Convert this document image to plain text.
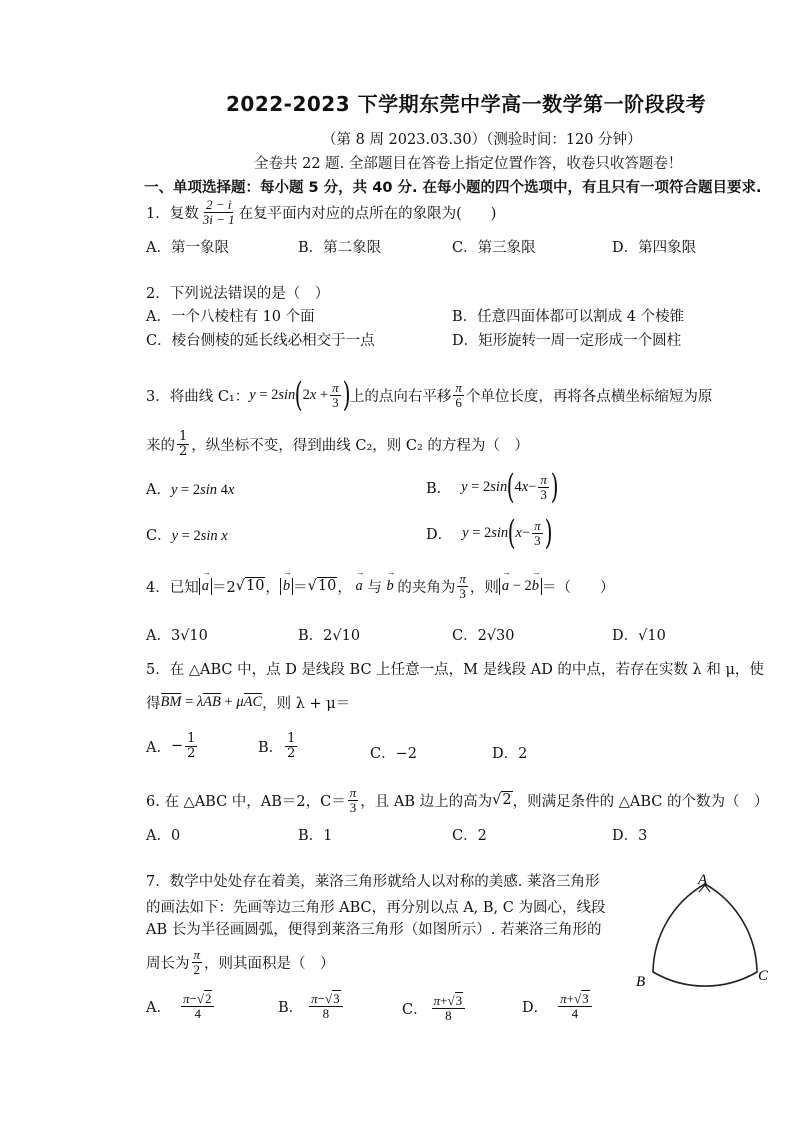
2022-2023 下学期东莞中学高一数学第一阶段段考
（第 8 周 2023.03.30）（测验时间：120 分钟）
全卷共 22 题. 全部题目在答卷上指定位置作答，收卷只收答题卷！
一、单项选择题：每小题 5 分，共 40 分. 在每小题的四个选项中，有且只有一项符合题目要求.
1．复数 $\frac{2 - i}{3i - 1}$ 在复平面内对应的点所在的象限为(　　)
A．第一象限	B．第二象限	C．第三象限	D．第四象限
2．下列说法错误的是（　）
A．一个八棱柱有 10 个面	B．任意四面体都可以割成 4 个棱锥
C．棱台侧棱的延长线必相交于一点	D．矩形旋转一周一定形成一个圆柱
3．将曲线 C₁： y = 2sin ( $2x + \frac{\pi}{3}$ ) 上的点向右平移 $\frac{\pi}{6}$ 个单位长度，再将各点横坐标缩短为原
来的 $\frac{1}{2}$ ，纵坐标不变，得到曲线 C₂，则 C₂ 的方程为（　）
A．y = 2sin 4x	B． y = 2sin ( $4x- \frac{\pi}{3}$ )
C．y = 2sin x	D． y = 2sin ( $x- \frac{\pi}{3}$ )
4．已知 → a ＝2 √10 ， → b ＝ √10 ， → a 与 → b 的夹角为 $\frac{\pi}{3}$ ，则 → a − 2→ b ＝（　　）
A．3√10	B．2√10	C．2√30	D．√10
5．在 △ABC 中，点 D 是线段 BC 上任意一点，M 是线段 AD 的中点，若存在实数 λ 和 μ，使
得 BM = λAB + μAC ，则 λ + μ＝
A． − $\frac{1}{2}$	B． $\frac{1}{2}$	C．−2	D．2
6. 在 △ABC 中，AB＝2，$C= \frac{\pi}{3}$ ，且 AB 边上的高为 √2 ，则满足条件的 △ABC 的个数为（　）
A．0	B．1	C．2	D．3
7．数学中处处存在着美，莱洛三角形就给人以对称的美感. 莱洛三角形
的画法如下：先画等边三角形 ABC，再分别以点 A, B, C 为圆心，线段
AB 长为半径画圆弧，便得到莱洛三角形（如图所示）. 若莱洛三角形的
周长为 $\frac{\pi}{2}$ ，则其面积是（　）
A． $\frac{\pi-√2}{4}$	B． $\frac{\pi-√3}{8}$	C． $\frac{\pi+√3}{8}$	D． $\frac{\pi+√3}{4}$
A
B	C
